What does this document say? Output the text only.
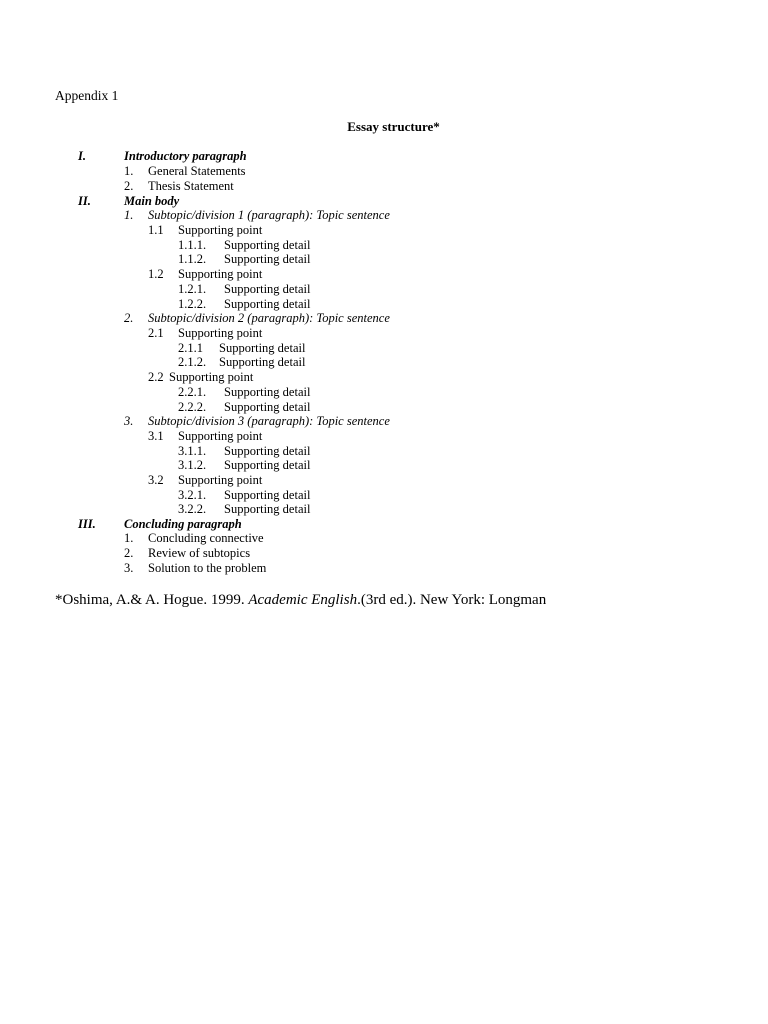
Appendix 1
Essay structure*
I.	Introductory paragraph
1. General Statements
2. Thesis Statement
II.	Main body
1. Subtopic/division 1 (paragraph): Topic sentence
1.1 Supporting point
1.1.1. Supporting detail
1.1.2. Supporting detail
1.2 Supporting point
1.2.1. Supporting detail
1.2.2. Supporting detail
2. Subtopic/division 2 (paragraph): Topic sentence
2.1 Supporting point
2.1.1 Supporting detail
2.1.2. Supporting detail
2.2 Supporting point
2.2.1. Supporting detail
2.2.2. Supporting detail
3. Subtopic/division 3 (paragraph): Topic sentence
3.1 Supporting point
3.1.1. Supporting detail
3.1.2. Supporting detail
3.2 Supporting point
3.2.1. Supporting detail
3.2.2. Supporting detail
III. Concluding paragraph
1. Concluding connective
2. Review of subtopics
3. Solution to the problem
*Oshima, A.& A. Hogue. 1999. Academic English.(3rd ed.). New York: Longman
